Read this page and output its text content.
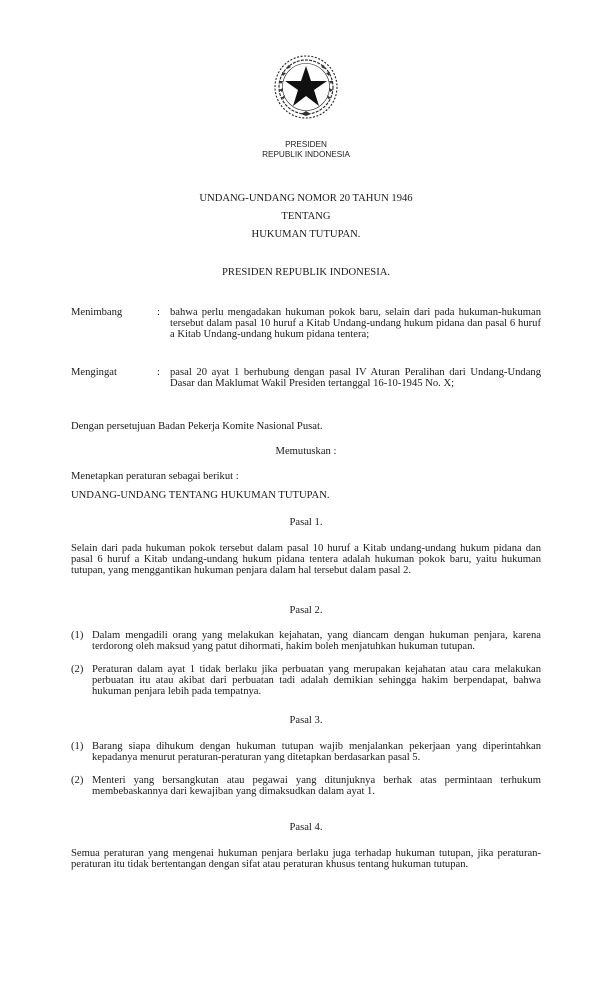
PRESIDEN
REPUBLIK INDONESIA
UNDANG-UNDANG NOMOR 20 TAHUN 1946
TENTANG
HUKUMAN TUTUPAN.
PRESIDEN REPUBLIK INDONESIA.
Menimbang	: bahwa perlu mengadakan hukuman pokok baru, selain dari pada hukuman-hukuman tersebut dalam pasal 10 huruf a Kitab Undang-undang hukum pidana dan pasal 6 huruf a Kitab Undang-undang hukum pidana tentera;
Mengingat	: pasal 20 ayat 1 berhubung dengan pasal IV Aturan Peralihan dari Undang-Undang Dasar dan Maklumat Wakil Presiden tertanggal 16-10-1945 No. X;
Dengan persetujuan Badan Pekerja Komite Nasional Pusat.
Memutuskan :
Menetapkan peraturan sebagai berikut :
UNDANG-UNDANG TENTANG HUKUMAN TUTUPAN.
Pasal 1.
Selain dari pada hukuman pokok tersebut dalam pasal 10 huruf a Kitab undang-undang hukum pidana dan pasal 6 huruf a Kitab undang-undang hukum pidana tentera adalah hukuman pokok baru, yaitu hukuman tutupan, yang menggantikan hukuman penjara dalam hal tersebut dalam pasal 2.
Pasal 2.
(1) Dalam mengadili orang yang melakukan kejahatan, yang diancam dengan hukuman penjara, karena terdorong oleh maksud yang patut dihormati, hakim boleh menjatuhkan hukuman tutupan.
(2) Peraturan dalam ayat 1 tidak berlaku jika perbuatan yang merupakan kejahatan atau cara melakukan perbuatan itu atau akibat dari perbuatan tadi adalah demikian sehingga hakim berpendapat, bahwa hukuman penjara lebih pada tempatnya.
Pasal 3.
(1) Barang siapa dihukum dengan hukuman tutupan wajib menjalankan pekerjaan yang diperintahkan kepadanya menurut peraturan-peraturan yang ditetapkan berdasarkan pasal 5.
(2) Menteri yang bersangkutan atau pegawai yang ditunjuknya berhak atas permintaan terhukum membebaskannya dari kewajiban yang dimaksudkan dalam ayat 1.
Pasal 4.
Semua peraturan yang mengenai hukuman penjara berlaku juga terhadap hukuman tutupan, jika peraturan-peraturan itu tidak bertentangan dengan sifat atau peraturan khusus tentang hukuman tutupan.
